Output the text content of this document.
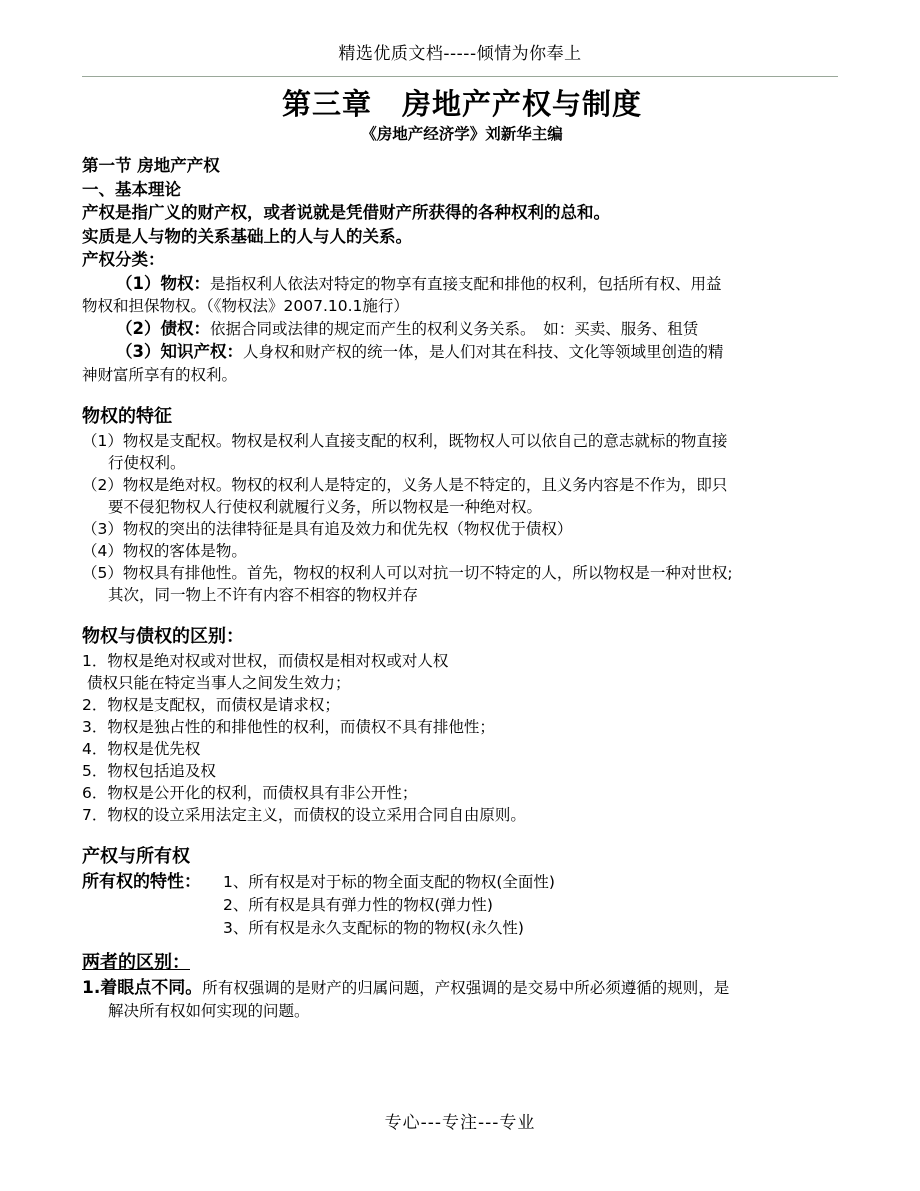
精选优质文档-----倾情为你奉上
第三章　房地产产权与制度
《房地产经济学》刘新华主编

第一节 房地产产权

一、基本理论

产权是指广义的财产权，或者说就是凭借财产所获得的各种权利的总和。

实质是人与物的关系基础上的人与人的关系。

产权分类：

（1）物权：是指权利人依法对特定的物享有直接支配和排他的权利，包括所有权、用益

物权和担保物权。（《物权法》2007.10.1施行）

（2）债权：依据合同或法律的规定而产生的权利义务关系。　如：买卖、服务、租赁

（3）知识产权：人身权和财产权的统一体，是人们对其在科技、文化等领域里创造的精

神财富所享有的权利。

物权的特征

（1）物权是支配权。物权是权利人直接支配的权利，既物权人可以依自己的意志就标的物直接

行使权利。

（2）物权是绝对权。物权的权利人是特定的，义务人是不特定的，且义务内容是不作为，即只

要不侵犯物权人行使权利就履行义务，所以物权是一种绝对权。

（3）物权的突出的法律特征是具有追及效力和优先权（物权优于债权）

（4）物权的客体是物。

（5）物权具有排他性。首先，物权的权利人可以对抗一切不特定的人，所以物权是一种对世权;

其次，同一物上不许有内容不相容的物权并存

物权与债权的区别：

1．物权是绝对权或对世权，而债权是相对权或对人权

债权只能在特定当事人之间发生效力；

2．物权是支配权，而债权是请求权；

3．物权是独占性的和排他性的权利，而债权不具有排他性；

4．物权是优先权

5．物权包括追及权

6．物权是公开化的权利，而债权具有非公开性；

7．物权的设立采用法定主义，而债权的设立采用合同自由原则。

产权与所有权

所有权的特性： 1、所有权是对于标的物全面支配的物权(全面性)
2、所有权是具有弹力性的物权(弹力性)
3、所有权是永久支配标的物的物权(永久性)

两者的区别：

1.着眼点不同。所有权强调的是财产的归属问题，产权强调的是交易中所必须遵循的规则，是

解决所有权如何实现的问题。

专心---专注---专业
